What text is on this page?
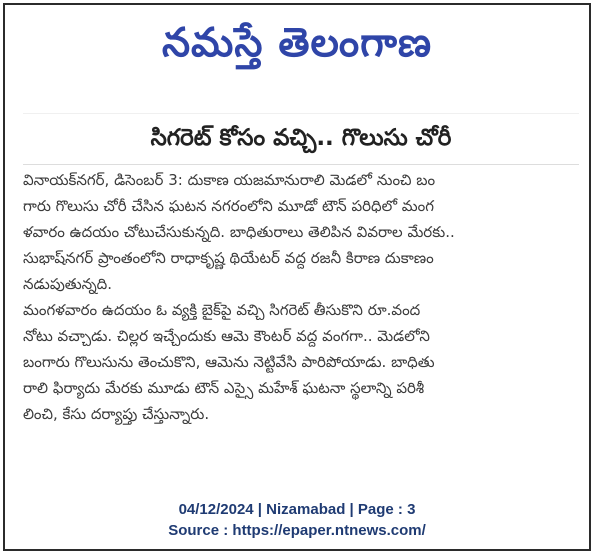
నమస్తే తెలంగాణ
సిగరెట్ కోసం వచ్చి.. గొలుసు చోరీ

వినాయక్‌నగర్, డిసెంబర్ 3: దుకాణ యజమానురాలి మెడలో నుంచి బం
గారు గొలుసు చోరీ చేసిన ఘటన నగరంలోని మూడో టౌన్ పరిధిలో మంగ
ళవారం ఉదయం చోటుచేసుకున్నది. బాధితురాలు తెలిపిన వివరాల మేరకు..
సుభాష్‌నగర్ ప్రాంతంలోని రాధాకృష్ణ థియేటర్ వద్ద రజనీ కిరాణ దుకాణం
నడుపుతున్నది.
మంగళవారం ఉదయం ఓ వ్యక్తి బైక్‌పై వచ్చి సిగరెట్ తీసుకొని రూ.వంద
నోటు వచ్చాడు. చిల్లర ఇచ్చేందుకు ఆమె కౌంటర్ వద్ద వంగగా.. మెడలోని
బంగారు గొలుసును తెంచుకొని, ఆమెను నెట్టివేసి పారిపోయాడు. బాధితు
రాలి ఫిర్యాదు మేరకు మూడు టౌన్ ఎస్సై మహేశ్ ఘటనా స్థలాన్ని పరిశీ
లించి, కేసు దర్యాప్తు చేస్తున్నారు.

04/12/2024 | Nizamabad | Page : 3
Source : https://epaper.ntnews.com/
